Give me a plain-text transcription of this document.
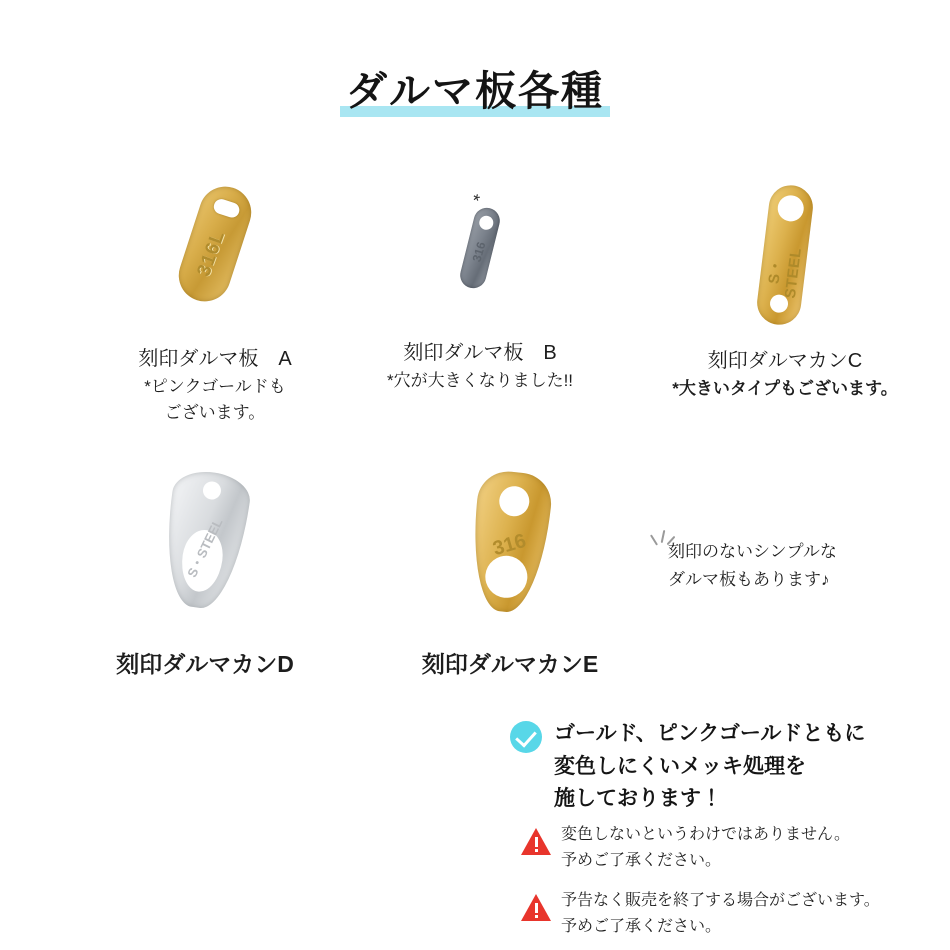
ダルマ板各種
316L
刻印ダルマ板　A
*ピンクゴールドも
ございます。
*
316
刻印ダルマ板　B
*穴が大きくなりました!!
S・STEEL
刻印ダルマカンC
*大きいタイプもございます。
S・STEEL
刻印ダルマカンD
316
刻印ダルマカンE
刻印のないシンプルな
ダルマ板もあります♪
ゴールド、ピンクゴールドともに
変色しにくいメッキ処理を
施しております！
変色しないというわけではありません。
予めご了承ください。
予告なく販売を終了する場合がございます。
予めご了承ください。
